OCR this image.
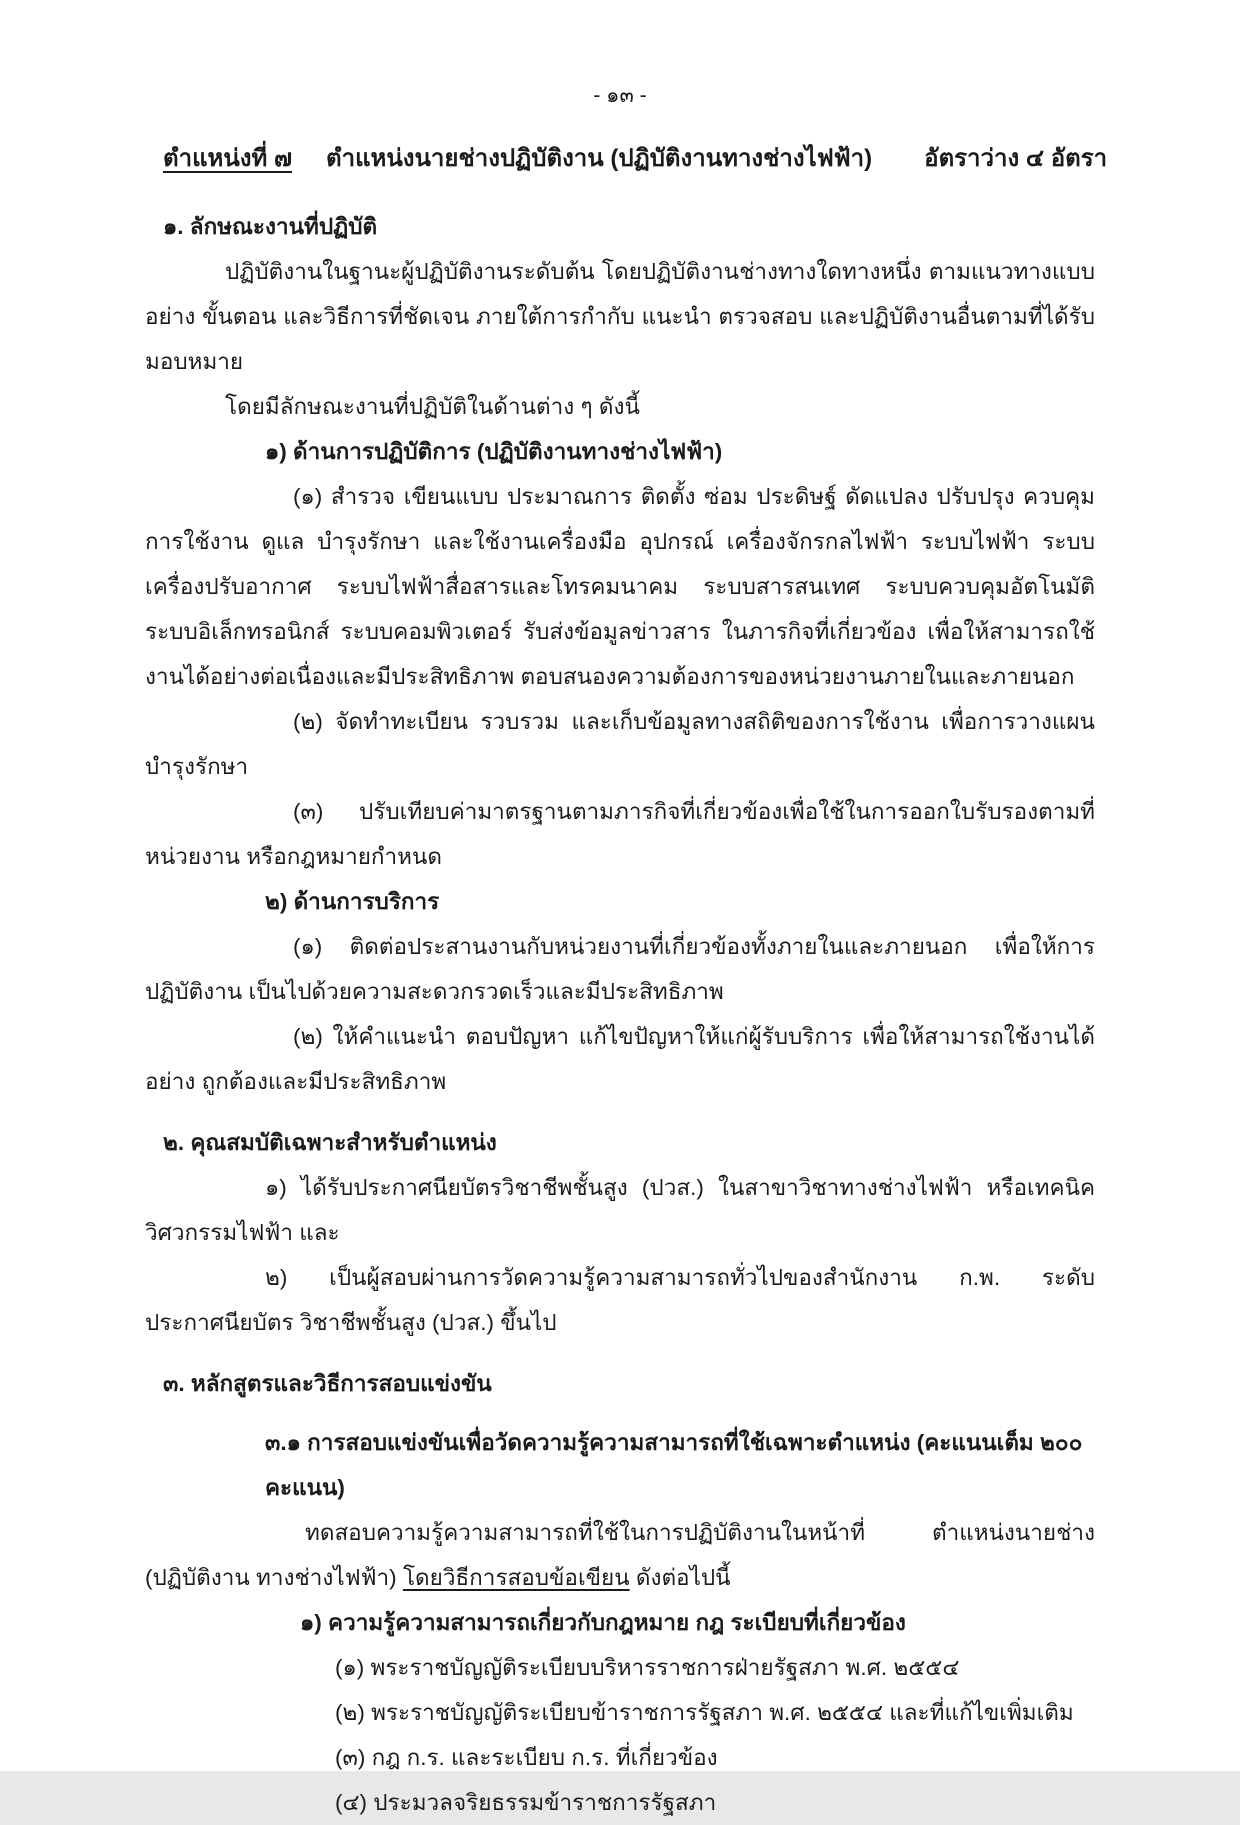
- ๑๓ -
ตำแหน่งที่ ๗ ตำแหน่งนายช่างปฏิบัติงาน (ปฏิบัติงานทางช่างไฟฟ้า) อัตราว่าง ๔ อัตรา
๑. ลักษณะงานที่ปฏิบัติ

ปฏิบัติงานในฐานะผู้ปฏิบัติงานระดับต้น โดยปฏิบัติงานช่างทางใดทางหนึ่ง ตามแนวทางแบบอย่าง ขั้นตอน และวิธีการที่ชัดเจน ภายใต้การกำกับ แนะนำ ตรวจสอบ และปฏิบัติงานอื่นตามที่ได้รับมอบหมาย

โดยมีลักษณะงานที่ปฏิบัติในด้านต่าง ๆ ดังนี้

๑) ด้านการปฏิบัติการ (ปฏิบัติงานทางช่างไฟฟ้า)

(๑) สำรวจ เขียนแบบ ประมาณการ ติดตั้ง ซ่อม ประดิษฐ์ ดัดแปลง ปรับปรุง ควบคุมการใช้งาน ดูแล บำรุงรักษา และใช้งานเครื่องมือ อุปกรณ์ เครื่องจักรกลไฟฟ้า ระบบไฟฟ้า ระบบเครื่องปรับอากาศ ระบบไฟฟ้าสื่อสารและโทรคมนาคม ระบบสารสนเทศ ระบบควบคุมอัตโนมัติ ระบบอิเล็กทรอนิกส์ ระบบคอมพิวเตอร์ รับส่งข้อมูลข่าวสาร ในภารกิจที่เกี่ยวข้อง เพื่อให้สามารถใช้งานได้อย่างต่อเนื่องและมีประสิทธิภาพ ตอบสนองความต้องการของหน่วยงานภายในและภายนอก

(๒) จัดทำทะเบียน รวบรวม และเก็บข้อมูลทางสถิติของการใช้งาน เพื่อการวางแผนบำรุงรักษา

(๓) ปรับเทียบค่ามาตรฐานตามภารกิจที่เกี่ยวข้องเพื่อใช้ในการออกใบรับรองตามที่หน่วยงาน หรือกฎหมายกำหนด

๒) ด้านการบริการ

(๑) ติดต่อประสานงานกับหน่วยงานที่เกี่ยวข้องทั้งภายในและภายนอก เพื่อให้การปฏิบัติงาน เป็นไปด้วยความสะดวกรวดเร็วและมีประสิทธิภาพ

(๒) ให้คำแนะนำ ตอบปัญหา แก้ไขปัญหาให้แก่ผู้รับบริการ เพื่อให้สามารถใช้งานได้อย่าง ถูกต้องและมีประสิทธิภาพ

๒. คุณสมบัติเฉพาะสำหรับตำแหน่ง

๑) ได้รับประกาศนียบัตรวิชาชีพชั้นสูง (ปวส.) ในสาขาวิชาทางช่างไฟฟ้า หรือเทคนิค วิศวกรรมไฟฟ้า และ

๒) เป็นผู้สอบผ่านการวัดความรู้ความสามารถทั่วไปของสำนักงาน ก.พ. ระดับประกาศนียบัตร วิชาชีพชั้นสูง (ปวส.) ขึ้นไป

๓. หลักสูตรและวิธีการสอบแข่งขัน
๓.๑ การสอบแข่งขันเพื่อวัดความรู้ความสามารถที่ใช้เฉพาะตำแหน่ง (คะแนนเต็ม ๒๐๐ คะแนน)

ทดสอบความรู้ความสามารถที่ใช้ในการปฏิบัติงานในหน้าที่ ตำแหน่งนายช่าง (ปฏิบัติงาน ทางช่างไฟฟ้า) โดยวิธีการสอบข้อเขียน ดังต่อไปนี้

๑) ความรู้ความสามารถเกี่ยวกับกฎหมาย กฎ ระเบียบที่เกี่ยวข้อง

(๑) พระราชบัญญัติระเบียบบริหารราชการฝ่ายรัฐสภา พ.ศ. ๒๕๕๔

(๒) พระราชบัญญัติระเบียบข้าราชการรัฐสภา พ.ศ. ๒๕๕๔ และที่แก้ไขเพิ่มเติม

(๓) กฎ ก.ร. และระเบียบ ก.ร. ที่เกี่ยวข้อง

(๔) ประมวลจริยธรรมข้าราชการรัฐสภา
